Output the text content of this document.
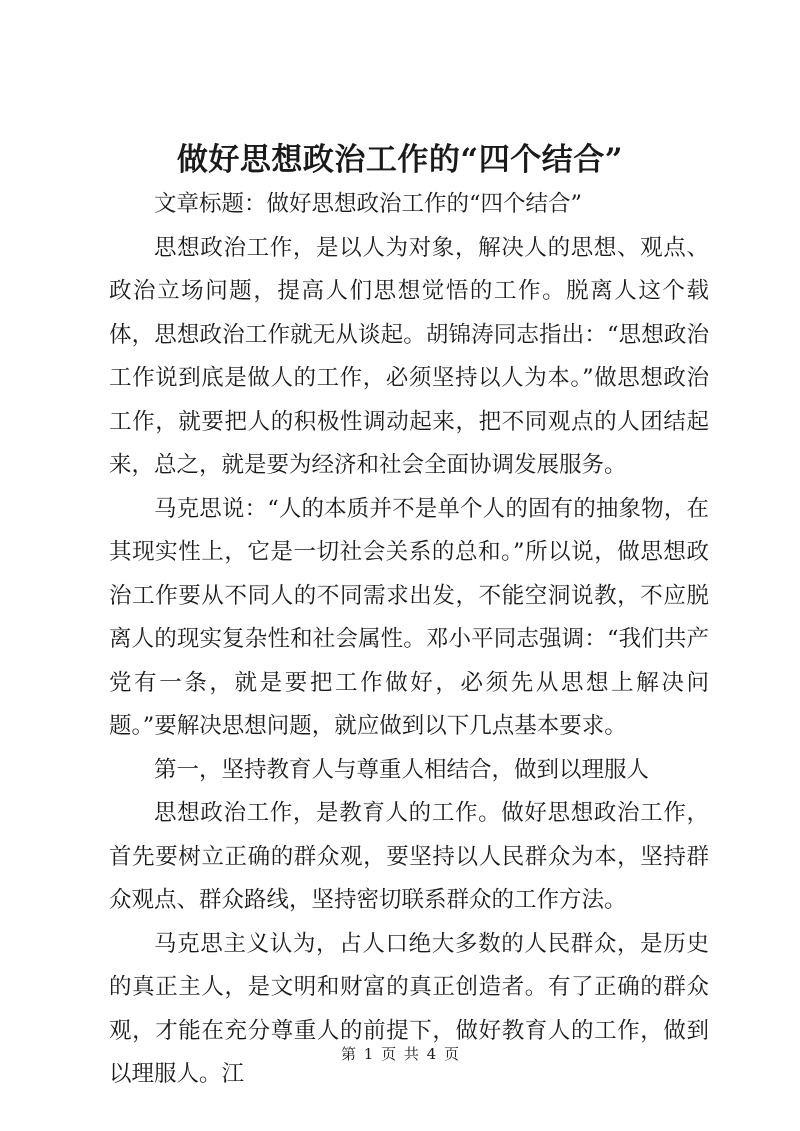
做好思想政治工作的“四个结合”

文章标题：做好思想政治工作的“四个结合”

思想政治工作，是以人为对象，解决人的思想、观点、政治立场问题，提高人们思想觉悟的工作。脱离人这个载体，思想政治工作就无从谈起。胡锦涛同志指出：“思想政治工作说到底是做人的工作，必须坚持以人为本。”做思想政治工作，就要把人的积极性调动起来，把不同观点的人团结起来，总之，就是要为经济和社会全面协调发展服务。

马克思说：“人的本质并不是单个人的固有的抽象物，在其现实性上，它是一切社会关系的总和。”所以说，做思想政治工作要从不同人的不同需求出发，不能空洞说教，不应脱离人的现实复杂性和社会属性。邓小平同志强调：“我们共产党有一条，就是要把工作做好，必须先从思想上解决问题。”要解决思想问题，就应做到以下几点基本要求。

第一，坚持教育人与尊重人相结合，做到以理服人

思想政治工作，是教育人的工作。做好思想政治工作，首先要树立正确的群众观，要坚持以人民群众为本，坚持群众观点、群众路线，坚持密切联系群众的工作方法。

马克思主义认为，占人口绝大多数的人民群众，是历史的真正主人，是文明和财富的真正创造者。有了正确的群众观，才能在充分尊重人的前提下，做好教育人的工作，做到以理服人。江

第 1 页 共 4 页
